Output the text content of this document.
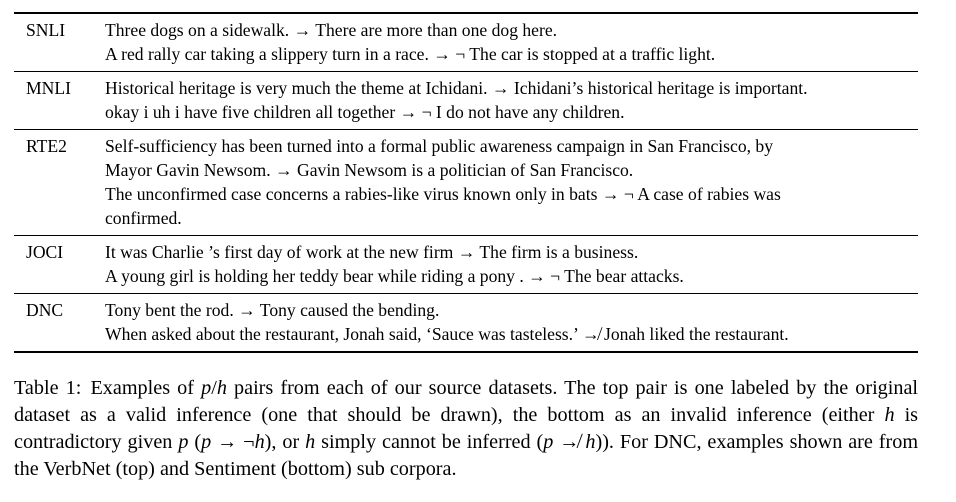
SNLI	Three dogs on a sidewalk. → There are more than one dog here.
A red rally car taking a slippery turn in a race. → ¬ The car is stopped at a traffic light.

MNLI	Historical heritage is very much the theme at Ichidani. → Ichidani’s historical heritage is important.
okay i uh i have five children all together → ¬ I do not have any children.

RTE2	Self-sufficiency has been turned into a formal public awareness campaign in San Francisco, by
Mayor Gavin Newsom. → Gavin Newsom is a politician of San Francisco.
The unconfirmed case concerns a rabies-like virus known only in bats → ¬ A case of rabies was
confirmed.

JOCI	It was Charlie ’s first day of work at the new firm → The firm is a business.
A young girl is holding her teddy bear while riding a pony . → ¬ The bear attacks.

DNC	Tony bent the rod. → Tony caused the bending.
When asked about the restaurant, Jonah said, ‘Sauce was tasteless.’ ↛ Jonah liked the restaurant.
Table 1: Examples of p/h pairs from each of our source datasets. The top pair is one labeled by the original dataset as a valid inference (one that should be drawn), the bottom as an invalid inference (either h is contradictory given p (p → ¬h), or h simply cannot be inferred (p ↛ h)). For DNC, examples shown are from the VerbNet (top) and Sentiment (bottom) sub corpora.
